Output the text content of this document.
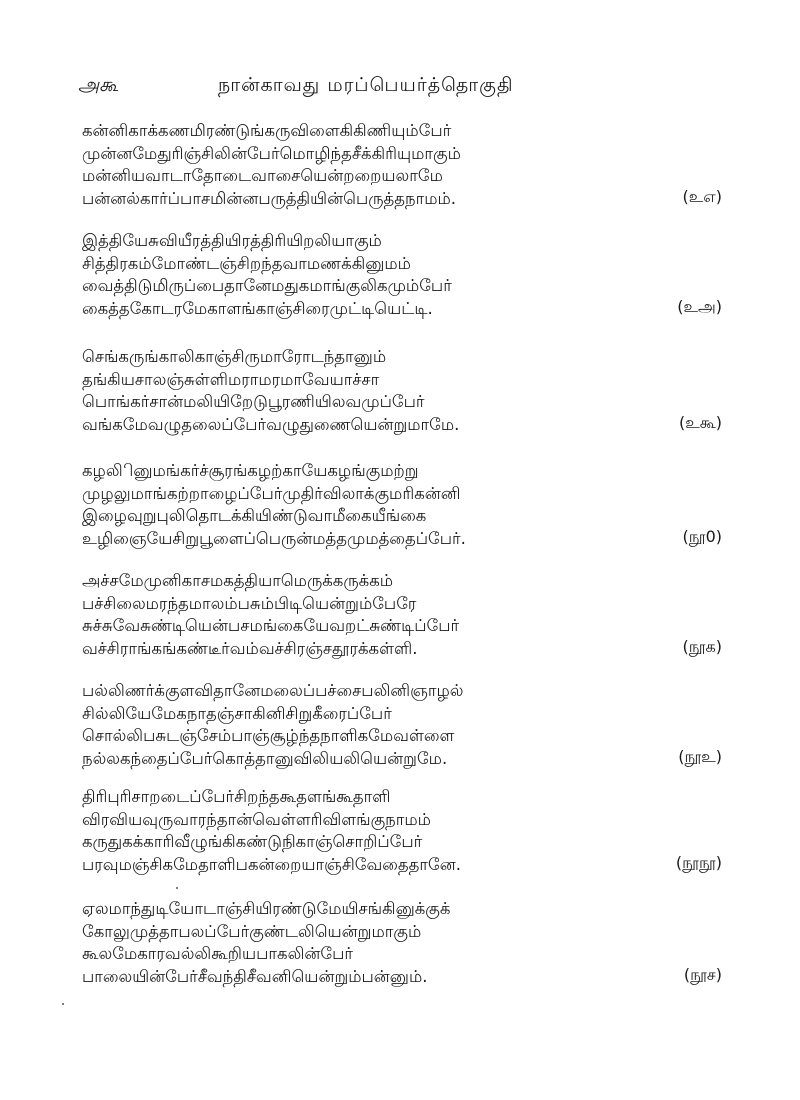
அகூ	நான்காவது மரப்பெயர்த்தொகுதி
கன்னிகாக்கணமிரண்டுங்கருவிளைகிகிணியும்பேர்
முன்னமேதுரிஞ்சிலின்பேர்மொழிந்தசீக்கிரியுமாகும்
மன்னியவாடாதோடைவாசையென்றறையலாமே
பன்னல்கார்ப்பாசமின்னபருத்தியின்பெருத்தநாமம்.	(உஎ)
இத்தியேசுவியீரத்தியிரத்திரியிறலியாகும்
சித்திரகம்மோண்டஞ்சிறந்தவாமணக்கினுமம்
வைத்திடுமிருப்பைதானேமதுகமாங்குலிகமும்பேர்
கைத்தகோடரமேகாளங்காஞ்சிரைமுட்டியெட்டி.	(உஅ)
செங்கருங்காலிகாஞ்சிருமாரோடந்தானும்
தங்கியசாலஞ்சுள்ளிமராமரமாவேயாச்சா
பொங்கர்சான்மலியிறேடுபூரணியிலவமுப்பேர்
வங்கமேவழுதலைப்பேர்வழுதுணையென்றுமாமே.	(உகூ)
கழலிினுமங்கர்ச்சூரங்கழற்காயேகழங்குமற்று
முழலுமாங்கற்றாழைப்பேர்முதிர்விலாக்குமரிகன்னி
இழைவுறுபுலிதொடக்கியிண்டுவாமீகையீங்கை
உழிஞையேசிறுபூளைப்பெருன்மத்தமுமத்தைப்பேர்.	(நூ0)
அச்சமேமுனிகாசமகத்தியாமெருக்கருக்கம்
பச்சிலைமரந்தமாலம்பசும்பிடியென்றும்பேரே
சுச்சுவேசுண்டியென்பசமங்கையேவறட்சுண்டிப்பேர்
வச்சிராங்கங்கண்டீர்வம்வச்சிரஞ்சதூரக்கள்ளி.	(நூக)
பல்லிணர்க்குளவிதானேமலைப்பச்சைபலினிஞாழல்
சில்லியேமேகநாதஞ்சாகினிசிறுகீரைப்பேர்
சொல்லிபசுடஞ்சேம்பாஞ்சூழ்ந்தநாளிகமேவள்ளை
நல்லகந்தைப்பேர்கொத்தானுவிலியலியென்றுமே.	(நூஉ)
திரிபுரிசாறடைப்பேர்சிறந்தகூதளங்கூதாளி
விரவியவுருவாரந்தான்வெள்ளரிவிளங்குநாமம்
கருதுகக்காரிவீழுங்கிகண்டுநிகாஞ்சொறிப்பேர்
பரவுமஞ்சிகமேதாளிபகன்றையாஞ்சிவேதைதானே.	(நூநூ)
ஏலமாந்துடியோடாஞ்சியிரண்டுமேயிசங்கினுக்குக்
கோலுமுத்தாபலப்பேர்குண்டலியென்றுமாகும்
கூலமேகாரவல்லிகூறியபாகலின்பேர்
பாலையின்பேர்சீவந்திசீவனியென்றும்பன்னும்.	(நூச)
